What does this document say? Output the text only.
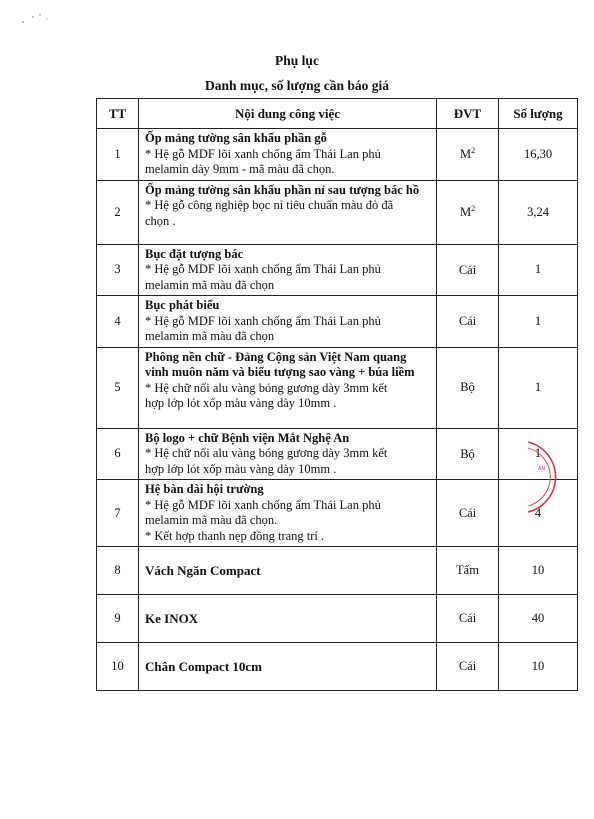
Phụ lục
Danh mục, số lượng cần báo giá
TT	Nội dung công việc	ĐVT	Số lượng
1	Ốp mảng tường sân khấu phần gỗ
* Hệ gỗ MDF lõi xanh chống ẩm Thái Lan phủ
melamin dày 9mm - mã màu đã chọn.	$M^2$	16,30
2	Ốp mảng tường sân khấu phần nỉ sau tượng bác hồ
* Hệ gỗ công nghiệp bọc nỉ tiêu chuẩn màu đỏ đã
chọn .	$M^2$	3,24
3	Bục đặt tượng bác
* Hệ gỗ MDF lõi xanh chống ẩm Thái Lan phủ
melamin mã màu đã chọn	Cái	1
4	Bục phát biểu
* Hệ gỗ MDF lõi xanh chống ẩm Thái Lan phủ
melamin mã màu đã chọn	Cái	1
5	Phông nền chữ - Đảng Cộng sản Việt Nam quang vinh muôn năm và biểu tượng sao vàng + búa liềm
* Hệ chữ nổi alu vàng bóng gương dày 3mm kết
hợp lớp lót xốp màu vàng dày 10mm .	Bộ	1
6	Bộ logo + chữ Bệnh viện Mắt Nghệ An
* Hệ chữ nổi alu vàng bóng gương dày 3mm kết
hợp lớp lót xốp màu vàng dày 10mm .	Bộ	1
7	Hệ bàn dài hội trường
* Hệ gỗ MDF lõi xanh chống ẩm Thái Lan phủ
melamin mã màu đã chọn.
* Kết hợp thanh nẹp đồng trang trí .	Cái	4
8	Vách Ngăn Compact	Tấm	10
9	Ke INOX	Cái	40
10	Chân Compact 10cm	Cái	10
AN
